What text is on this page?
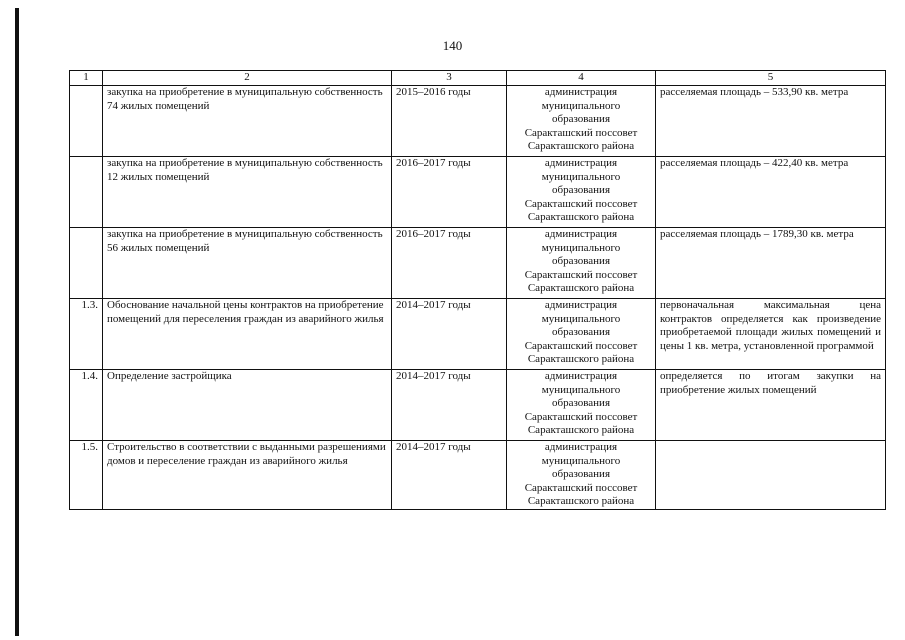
140
1	2	3	4	5
	закупка на приобретение в муниципальную собственность 74 жилых помещений	2015–2016 годы	администрация
муниципального
образования
Саракташский поссовет
Саракташского района	расселяемая площадь – 533,90 кв. метра
	закупка на приобретение в муниципальную собственность 12 жилых помещений	2016–2017 годы	администрация
муниципального
образования
Саракташский поссовет
Саракташского района	расселяемая площадь – 422,40 кв. метра
	закупка на приобретение в муниципальную собственность 56 жилых помещений	2016–2017 годы	администрация
муниципального
образования
Саракташский поссовет
Саракташского района	расселяемая площадь – 1789,30 кв. метра
1.3.	Обоснование начальной цены контрактов на приобретение помещений для переселения граждан из аварийного жилья	2014–2017 годы	администрация
муниципального
образования
Саракташский поссовет
Саракташского района	первоначальная максимальная цена контрактов определяется как произведение приобретаемой площади жилых помещений и цены 1 кв. метра, установленной программой
1.4.	Определение застройщика	2014–2017 годы	администрация
муниципального
образования
Саракташский поссовет
Саракташского района	определяется по итогам закупки на приобретение жилых помещений
1.5.	Строительство в соответствии с выданными разрешениями домов и переселение граждан из аварийного жилья	2014–2017 годы	администрация
муниципального
образования
Саракташский поссовет
Саракташского района	
